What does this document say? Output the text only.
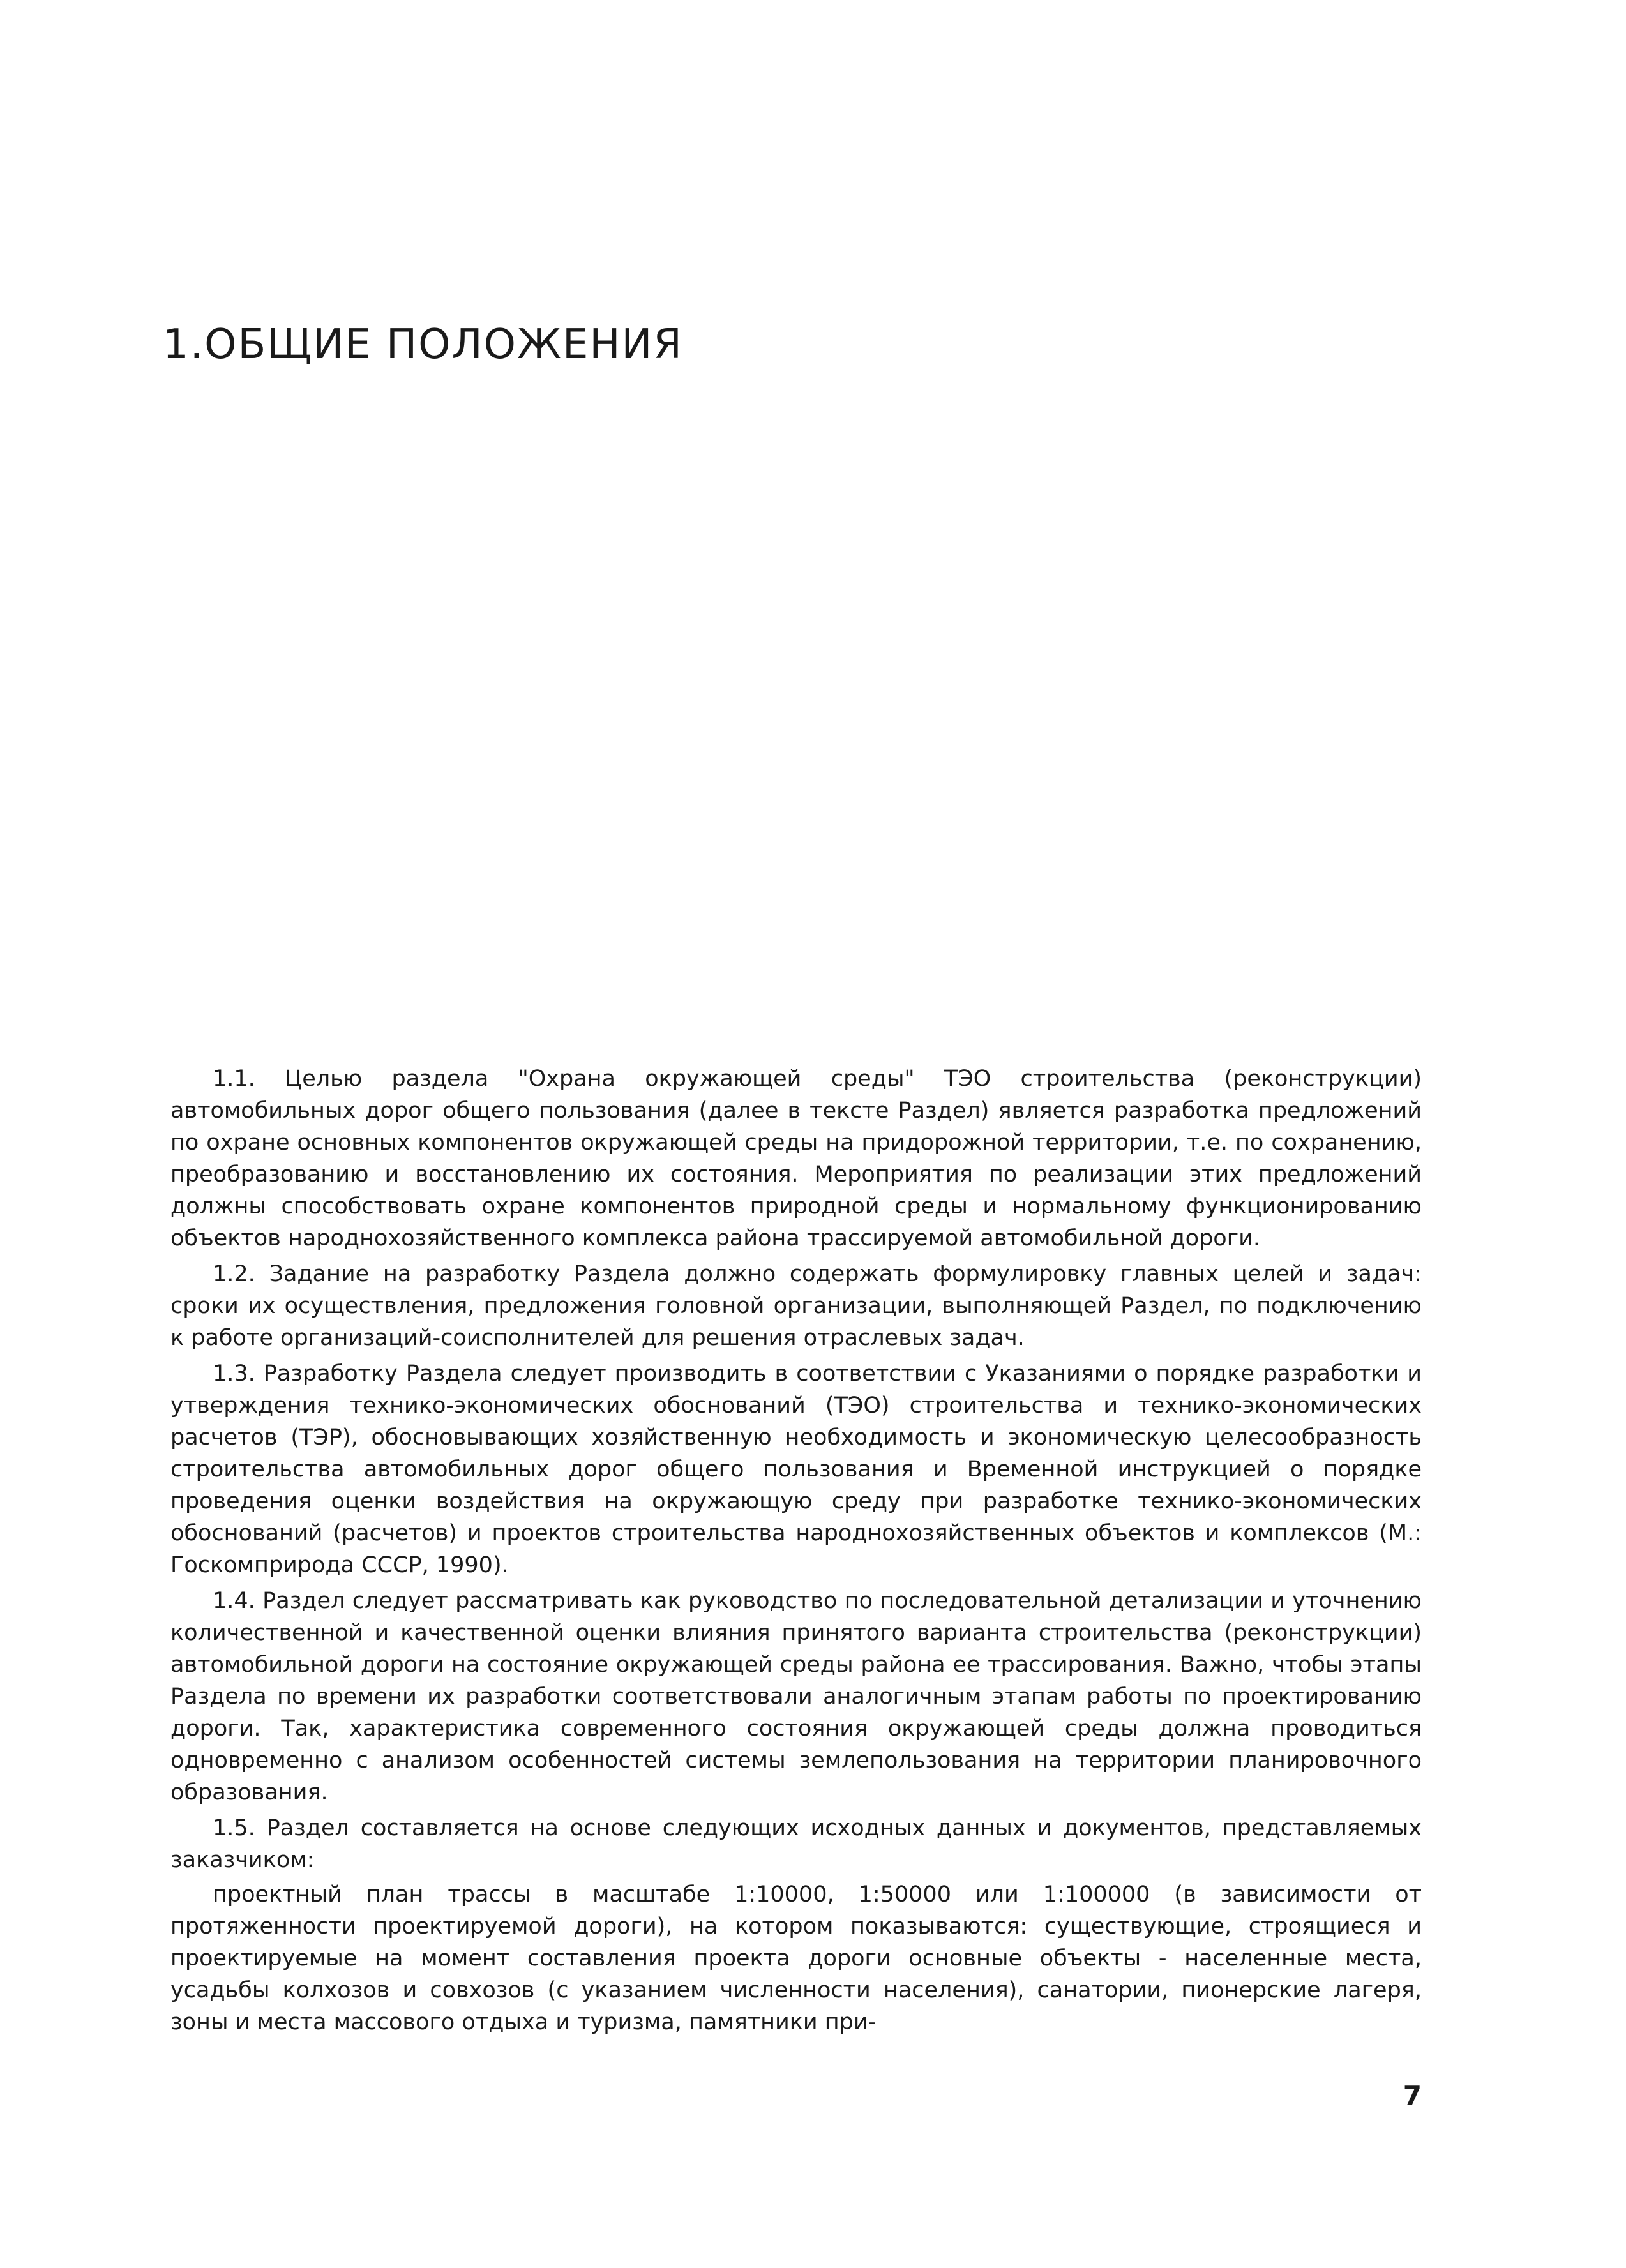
1.ОБЩИЕ ПОЛОЖЕНИЯ

1.1. Целью раздела "Охрана окружающей среды" ТЭО строительства (реконструкции) автомобильных дорог общего пользования (далее в тексте Раздел) является разработка предложений по охране основных компонентов окружающей среды на придорожной территории, т.е. по сохранению, преобразованию и восстановлению их состояния. Мероприятия по реализации этих предложений должны способствовать охране компонентов природной среды и нормальному функционированию объектов народнохозяйственного комплекса района трассируемой автомобильной дороги.

1.2. Задание на разработку Раздела должно содержать формулировку главных целей и задач: сроки их осуществления, предложения головной организации, выполняющей Раздел, по подключению к работе организаций-соисполнителей для решения отраслевых задач.

1.3. Разработку Раздела следует производить в соответствии с Указаниями о порядке разработки и утверждения технико-экономических обоснований (ТЭО) строительства и технико-экономических расчетов (ТЭР), обосновывающих хозяйственную необходимость и экономическую целесообразность строительства автомобильных дорог общего пользования и Временной инструкцией о порядке проведения оценки воздействия на окружающую среду при разработке технико-экономических обоснований (расчетов) и проектов строительства народнохозяйственных объектов и комплексов (М.: Госкомприрода СССР, 1990).

1.4. Раздел следует рассматривать как руководство по последовательной детализации и уточнению количественной и качественной оценки влияния принятого варианта строительства (реконструкции) автомобильной дороги на состояние окружающей среды района ее трассирования. Важно, чтобы этапы Раздела по времени их разработки соответствовали аналогичным этапам работы по проектированию дороги. Так, характеристика современного состояния окружающей среды должна проводиться одновременно с анализом особенностей системы землепользования на территории планировочного образования.

1.5. Раздел составляется на основе следующих исходных данных и документов, представляемых заказчиком:

проектный план трассы в масштабе 1:10000, 1:50000 или 1:100000 (в зависимости от протяженности проектируемой дороги), на котором показываются: существующие, строящиеся и проектируемые на момент составления проекта дороги основные объекты - населенные места, усадьбы колхозов и совхозов (с указанием численности населения), санатории, пионерские лагеря, зоны и места массового отдыха и туризма, памятники при-

7
